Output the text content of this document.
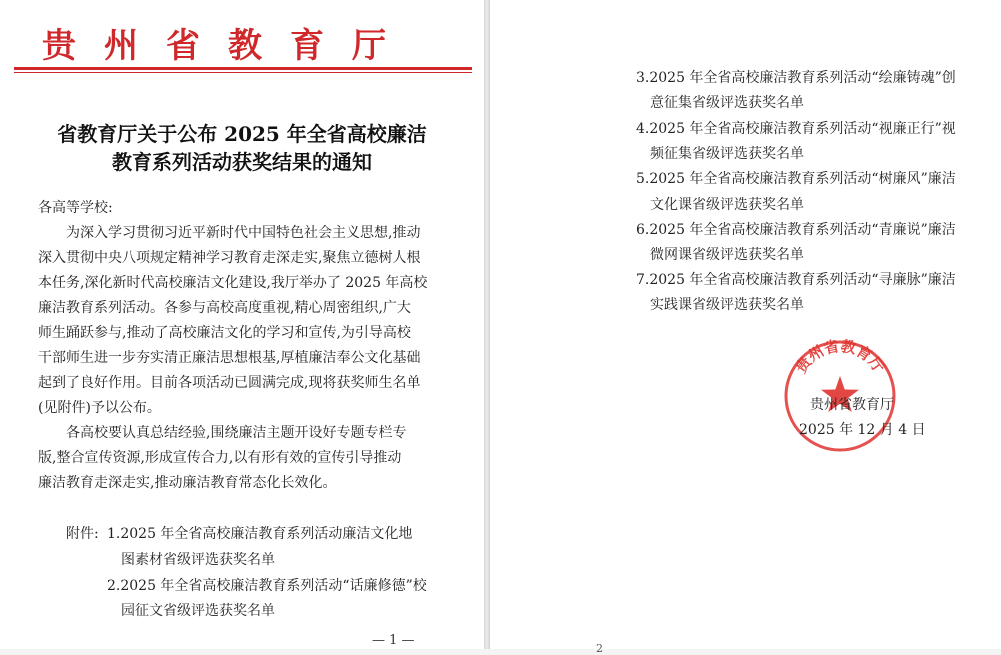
贵州省教育厅
省教育厅关于公布 2025 年全省高校廉洁
教育系列活动获奖结果的通知
各高等学校:
为深入学习贯彻习近平新时代中国特色社会主义思想,推动
深入贯彻中央八项规定精神学习教育走深走实,聚焦立德树人根
本任务,深化新时代高校廉洁文化建设,我厅举办了 2025 年高校
廉洁教育系列活动。各参与高校高度重视,精心周密组织,广大
师生踊跃参与,推动了高校廉洁文化的学习和宣传,为引导高校
干部师生进一步夯实清正廉洁思想根基,厚植廉洁奉公文化基础
起到了良好作用。目前各项活动已圆满完成,现将获奖师生名单
(见附件)予以公布。
各高校要认真总结经验,围绕廉洁主题开设好专题专栏专
版,整合宣传资源,形成宣传合力,以有形有效的宣传引导推动
廉洁教育走深走实,推动廉洁教育常态化长效化。
附件: 1.2025 年全省高校廉洁教育系列活动廉洁文化地
图素材省级评选获奖名单
2.2025 年全省高校廉洁教育系列活动“话廉修德”校
园征文省级评选获奖名单
— 1 —
3.2025 年全省高校廉洁教育系列活动“绘廉铸魂”创
意征集省级评选获奖名单
4.2025 年全省高校廉洁教育系列活动“视廉正行”视
频征集省级评选获奖名单
5.2025 年全省高校廉洁教育系列活动“树廉风”廉洁
文化课省级评选获奖名单
6.2025 年全省高校廉洁教育系列活动“青廉说”廉洁
微网课省级评选获奖名单
7.2025 年全省高校廉洁教育系列活动“寻廉脉”廉洁
实践课省级评选获奖名单
贵州省教育厅
贵州省教育厅
2025 年 12 月 4 日
2
